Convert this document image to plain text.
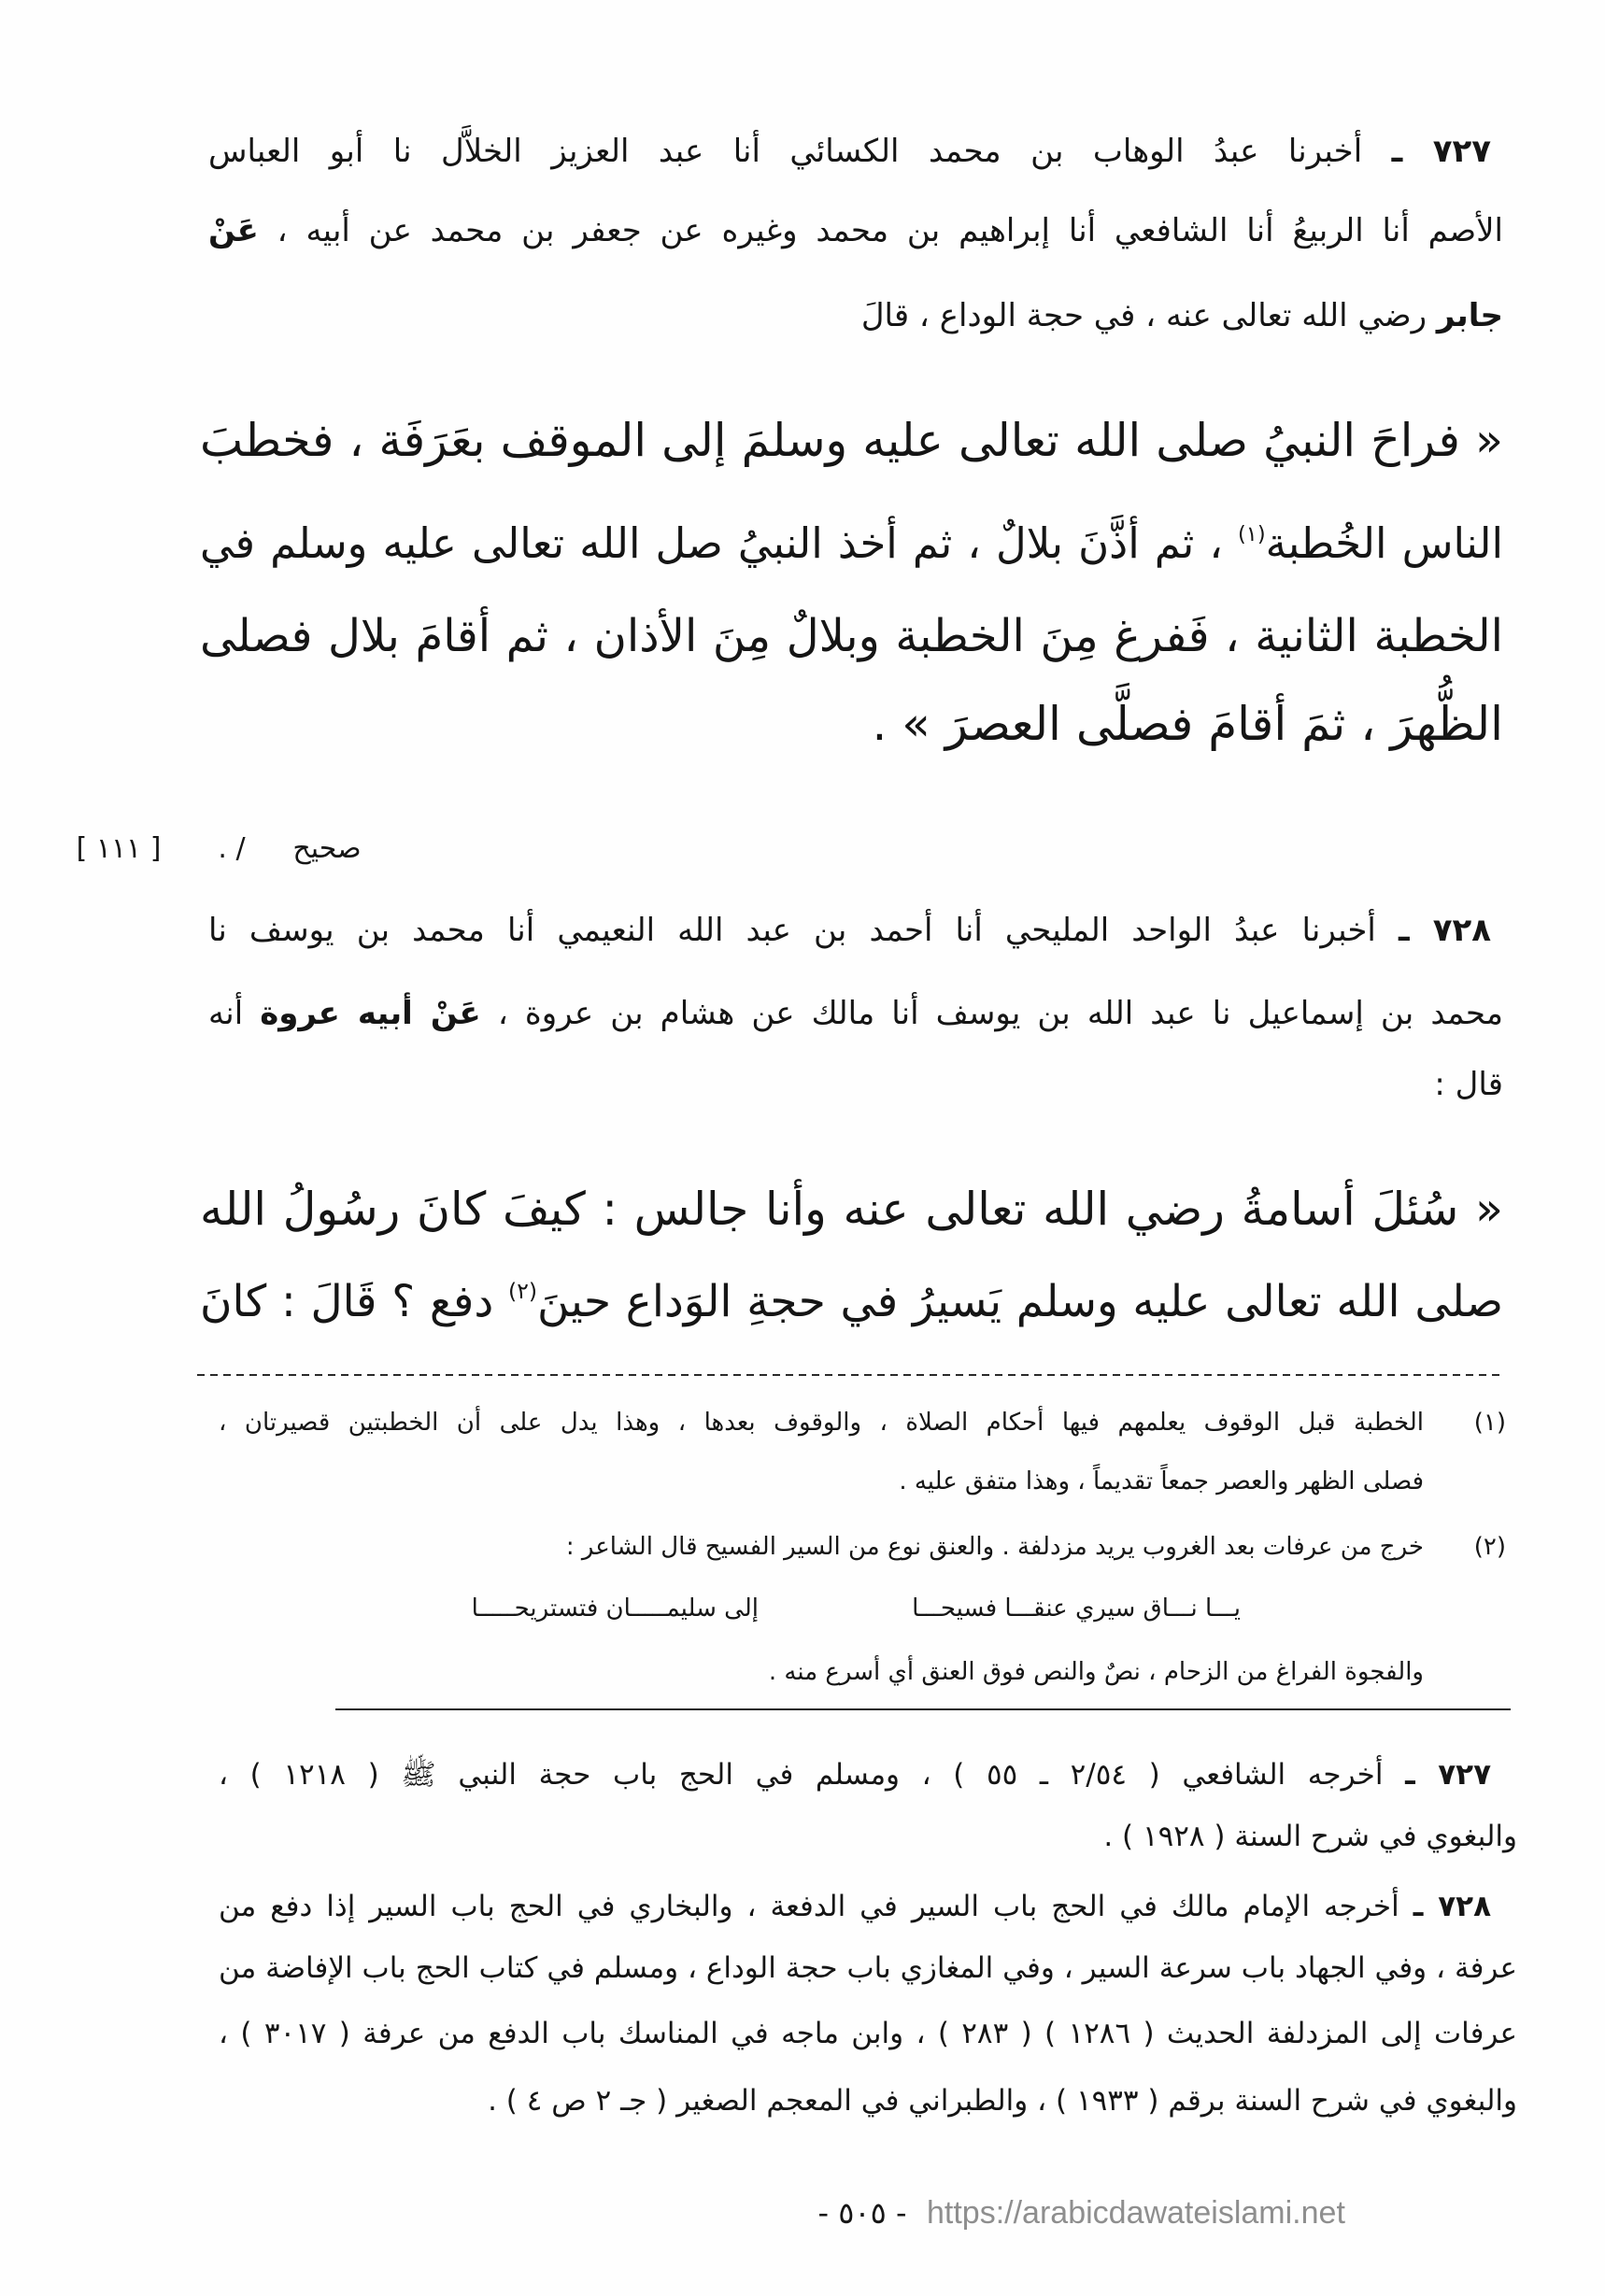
٧٢٧ ـ أخبرنا عبدُ الوهاب بن محمد الكسائي أنا عبد العزيز الخلاَّل نا أبو العباس
الأصم أنا الربيعُ أنا الشافعي أنا إبراهيم بن محمد وغيره عن جعفر بن محمد عن أبيه ، عَنْ
جابر رضي الله تعالى عنه ، في حجة الوداع ، قالَ
« فراحَ النبيُ صلى الله تعالى عليه وسلمَ إلى الموقف بعَرَفَة ، فخطبَ
الناس الخُطبة$^{(١)}$ ، ثم أذَّنَ بلالٌ ، ثم أخذ النبيُ صل الله تعالى عليه وسلم في
الخطبة الثانية ، فَفرغ مِنَ الخطبة وبلالٌ مِنَ الأذان ، ثم أقامَ بلال فصلى
الظُّهرَ ، ثمَ أقامَ فصلَّى العصرَ » .
صحيح
/ .
[ ١١١ ]
٧٢٨ ـ أخبرنا عبدُ الواحد المليحي أنا أحمد بن عبد الله النعيمي أنا محمد بن يوسف نا
محمد بن إسماعيل نا عبد الله بن يوسف أنا مالك عن هشام بن عروة ، عَنْ أبيه عروة أنه
قال :
« سُئلَ أسامةُ رضي الله تعالى عنه وأنا جالس : كيفَ كانَ رسُولُ الله
صلى الله تعالى عليه وسلم يَسيرُ في حجةِ الوَداع حينَ$^{(٢)}$ دفع ؟ قَالَ : كانَ
(١)
الخطبة قبل الوقوف يعلمهم فيها أحكام الصلاة ، والوقوف بعدها ، وهذا يدل على أن الخطبتين قصيرتان ،
فصلى الظهر والعصر جمعاً تقديماً ، وهذا متفق عليه .
(٢)
خرج من عرفات بعد الغروب يريد مزدلفة . والعنق نوع من السير الفسيح قال الشاعر :
يـــا نـــاق سيري عنقـــا فسيحـــا
إلى سليمـــــان فتستريحـــــا
والفجوة الفراغ من الزحام ، نصٌ والنص فوق العنق أي أسرع منه .
٧٢٧ ـ أخرجه الشافعي ( ٢/٥٤ ـ ٥٥ ) ، ومسلم في الحج باب حجة النبي ﷺ ( ١٢١٨ ) ،
والبغوي في شرح السنة ( ١٩٢٨ ) .
٧٢٨ ـ أخرجه الإمام مالك في الحج باب السير في الدفعة ، والبخاري في الحج باب السير إذا دفع من
عرفة ، وفي الجهاد باب سرعة السير ، وفي المغازي باب حجة الوداع ، ومسلم في كتاب الحج باب الإفاضة من
عرفات إلى المزدلفة الحديث ( ١٢٨٦ ) ( ٢٨٣ ) ، وابن ماجه في المناسك باب الدفع من عرفة ( ٣٠١٧ ) ،
والبغوي في شرح السنة برقم ( ١٩٣٣ ) ، والطبراني في المعجم الصغير ( جـ ٢ ص ٤ ) .
- ٥٠٥ - https://arabicdawateislami.net
